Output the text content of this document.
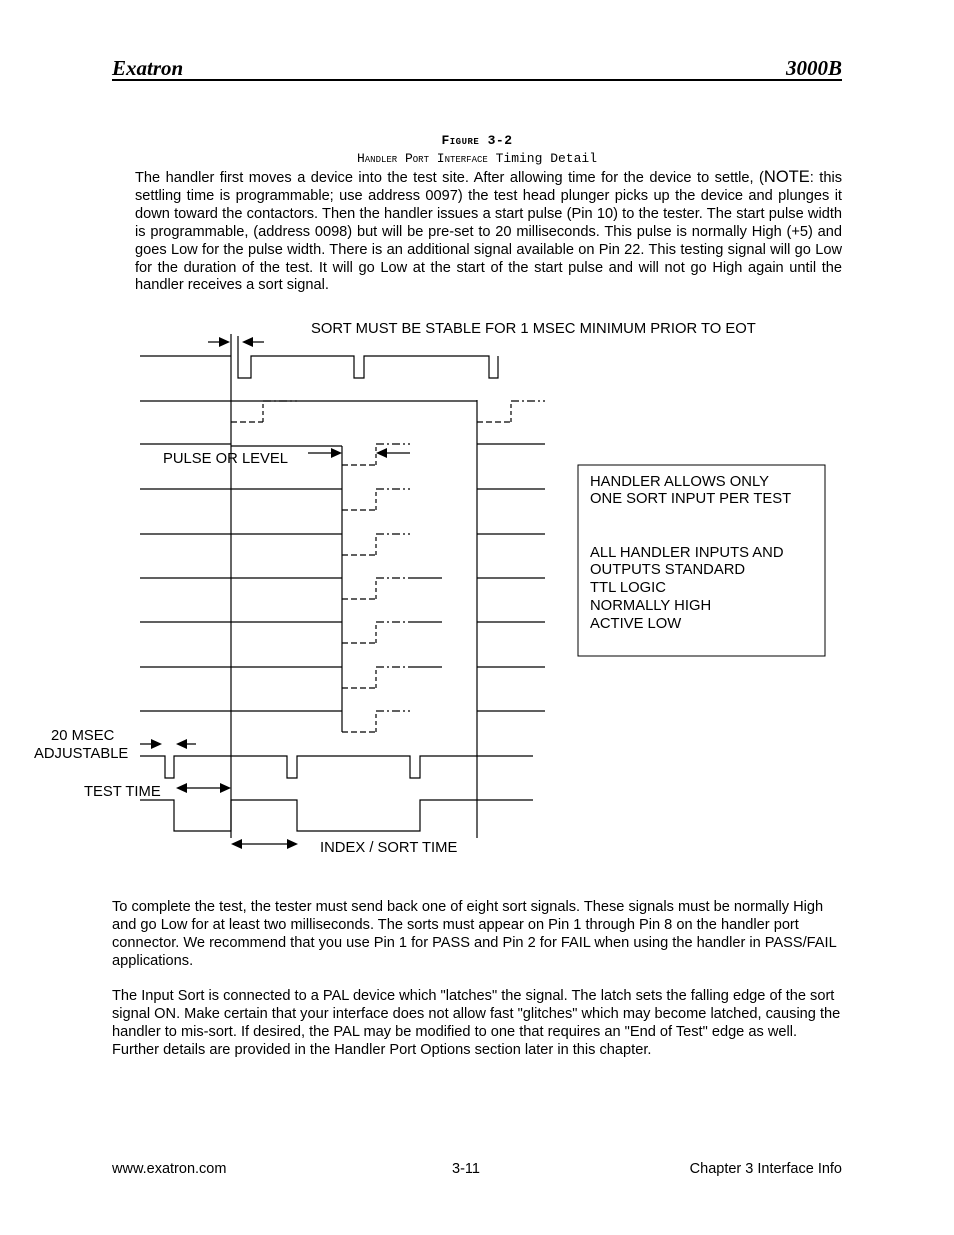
Exatron	3000B
Figure 3-2
Handler Port Interface Timing Detail

The handler first moves a device into the test site. After allowing time for the device to settle, (NOTE: this settling time is programmable; use address 0097) the test head plunger picks up the device and plunges it down toward the contactors. Then the handler issues a start pulse (Pin 10) to the tester. The start pulse width is programmable, (address 0098) but will be pre-set to 20 milliseconds. This pulse is normally High (+5) and goes Low for the pulse width. There is an additional signal available on Pin 22. This testing signal will go Low for the duration of the test. It will go Low at the start of the start pulse and will not go High again until the handler receives a sort signal.

SORT MUST BE STABLE FOR 1 MSEC MINIMUM PRIOR TO EOT
PULSE OR LEVEL
20 MSEC
ADJUSTABLE
TEST TIME
INDEX / SORT TIME
HANDLER ALLOWS ONLY
ONE SORT INPUT PER TEST
ALL HANDLER INPUTS AND
OUTPUTS STANDARD
TTL LOGIC
NORMALLY HIGH
ACTIVE LOW

To complete the test, the tester must send back one of eight sort signals. These signals must be normally High and go Low for at least two milliseconds. The sorts must appear on Pin 1 through Pin 8 on the handler port connector. We recommend that you use Pin 1 for PASS and Pin 2 for FAIL when using the handler in PASS/FAIL applications.

The Input Sort is connected to a PAL device which "latches" the signal. The latch sets the falling edge of the sort signal ON. Make certain that your interface does not allow fast "glitches" which may become latched, causing the handler to mis-sort. If desired, the PAL may be modified to one that requires an "End of Test" edge as well. Further details are provided in the Handler Port Options section later in this chapter.

www.exatron.com	3-11	Chapter 3 Interface Info
